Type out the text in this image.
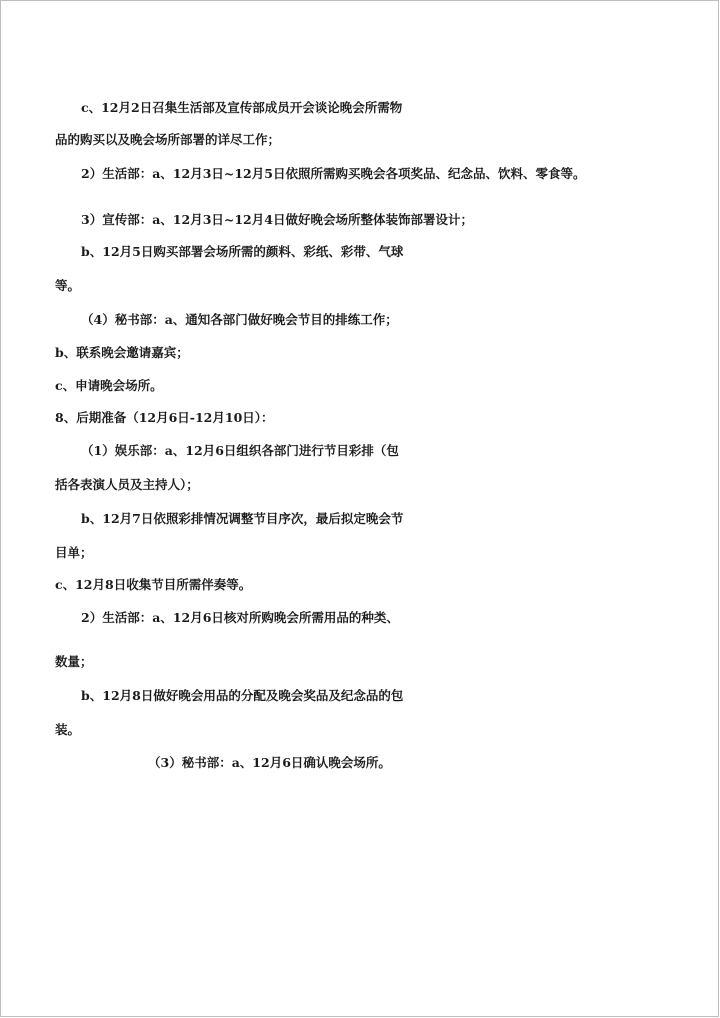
c、12月2日召集生活部及宣传部成员开会谈论晚会所需物
品的购买以及晚会场所部署的详尽工作；
2）生活部：a、12月3日~12月5日依照所需购买晚会各项奖品、纪念品、饮料、零食等。
3）宣传部：a、12月3日~12月4日做好晚会场所整体装饰部署设计；
b、12月5日购买部署会场所需的颜料、彩纸、彩带、气球
等。
（4）秘书部：a、通知各部门做好晚会节目的排练工作；
b、联系晚会邀请嘉宾；
c、申请晚会场所。
8、后期准备（12月6日-12月10日）：
（1）娱乐部：a、12月6日组织各部门进行节目彩排（包
括各表演人员及主持人）；
b、12月7日依照彩排情况调整节目序次，最后拟定晚会节
目单；
c、12月8日收集节目所需伴奏等。
2）生活部：a、12月6日核对所购晚会所需用品的种类、
数量；
b、12月8日做好晚会用品的分配及晚会奖品及纪念品的包
装。
（3）秘书部：a、12月6日确认晚会场所。
